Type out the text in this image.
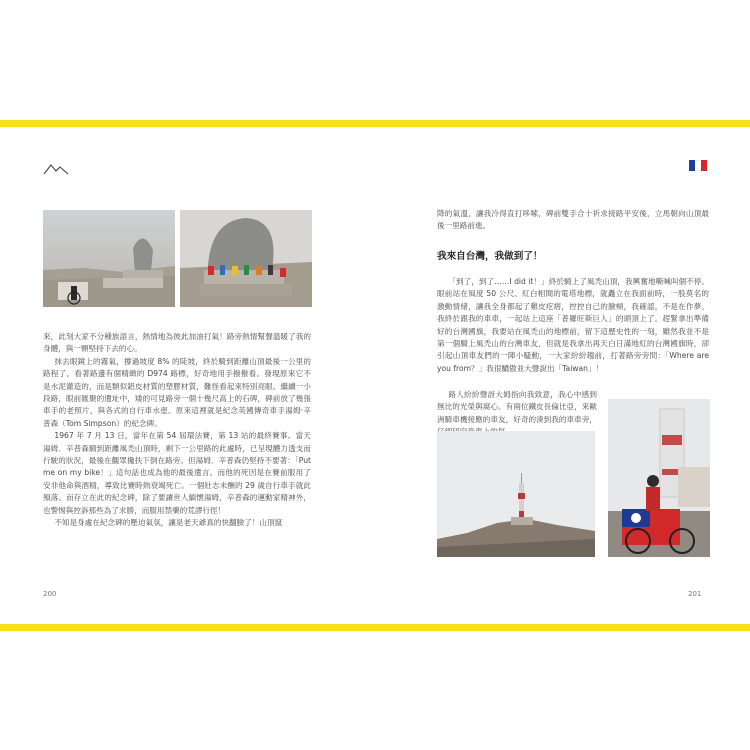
來，此刻大家不分種族語言，熱情地為彼此加油打氣！路旁熱情幫聲溫暖了我的身體，與一顆堅持下去的心。

抹去眼鏡上的霧氣，撐過坡度 8% 的陡坡，終於騎到距離山頂最後一公里的路程了。看著路邊有個精緻的 D974 路標，好奇地用手撥撥看。發現原來它不是水泥灌造的，而是類似鋁皮材質的塑膠材質，難怪看起來特別亮眼。繼續一小段路，眼前匯聚的遺址中，矮的可見路旁一個十幾尺高上的石碑，碑前放了幾張車手的老照片，與各式的自行車水壺。原來這裡就是紀念英國傳奇車手湯姆‧辛普森（Tom Simpson）的紀念碑。

1967 年 7 月 13 日，當年在第 54 屆環法賽，第 13 站的最終賽事。當天湯姆．辛普森騎到距離風禿山頂時，剩下一公里路的此處時，已呈現體力透支而行駛的狀況，最後在觀眾攙扶下倒在路旁。但湯姆．辛普森仍堅持不要著：「Put me on my bike！」這句話也成為他的最後遺言。而他的死因是在賽前服用了安非他命與酒精，導致比賽時熱衰竭死亡。一個壯志未酬的 29 歲自行車手就此殞落。而存立在此的紀念碑，除了要讓世人緬懷湯姆，辛普森的運動家精神外，也警惕與控訴那些為了求勝，而服用禁藥的荒謬行徑！

不知是身處在紀念碑的壓迫氣氛，讓是老天爺真的快翻臉了！山頂竄

200

降的氣溫，讓我冷得直打哆嗦，碑前雙手合十祈求接路平安後，立馬朝向山頂最後一里路前進。

我來自台灣，我做到了！

「到了，到了……I did it！」終於騎上了風禿山頂，我興奮地嘶喊叫個不停。眼前站在風度 50 公尺、紅白相間的電塔地標，就矗立在我面前時，一股莫名的激動情緒，讓我全身都起了雞皮疙瘩，控控自己的臉頰，我確認，不是在作夢。我終於跟我的車車，一起站上這座「普羅旺斯巨人」的頭頂上了。趕緊拿出準備好的台灣國旗，我要站在風禿山的地標前，留下這歷史性的一刻，雖然我並不是第一個騎上風禿山的台灣車友，但就是我拿出再天白日滿地紅的台灣國旗時，卻引起山頂車友們的一陣小騷動，一大家紛紛趨前，打著路旁旁問：「Where are you from？」我很驕傲並大聲說出「Taiwan」！

路人紛紛聲訝大姆指向我致意，我心中感到無比的光榮與窩心。有兩位鐵皮長倫比亞，來歐洲騎車機接應的車友，好奇的湊到我的車車旁，

201
